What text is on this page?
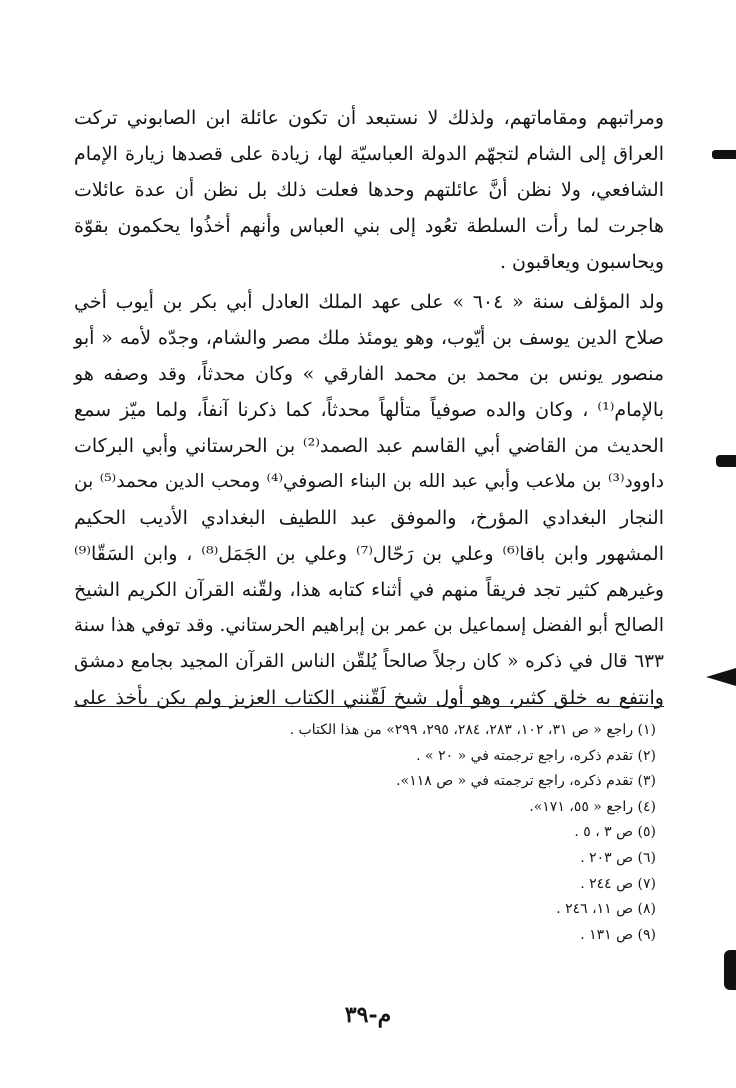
ومراتبهم ومقاماتهم، ولذلك لا نستبعد أن تكون عائلة ابن الصابوني تركت
العراق إلى الشام لتجهّم الدولة العباسيّة لها، زيادة على قصدها زيارة الإمام
الشافعي، ولا نظن أنَّ عائلتهم وحدها فعلت ذلك بل نظن أن عدة عائلات
هاجرت لما رأت السلطة تعُود إلى بني العباس وأنهم أخذُوا يحكمون بقوّة
ويحاسبون ويعاقبون .
ولد المؤلف سنة « ٦٠٤ » على عهد الملك العادل أبي بكر بن أيوب أخي
صلاح الدين يوسف بن أيّوب، وهو يومئذ ملك مصر والشام، وجدّه لأمه « أبو
منصور يونس بن محمد بن محمد الفارقي » وكان محدثاً، وقد وصفه هو
بالإمام⁽¹⁾ ، وكان والده صوفياً متألهاً محدثاً، كما ذكرنا آنفاً، ولما ميّز سمع
الحديث من القاضي أبي القاسم عبد الصمد⁽²⁾ بن الحرستاني وأبي البركات
داوود⁽³⁾ بن ملاعب وأبي عبد الله بن البناء الصوفي⁽⁴⁾ ومحب الدين محمد⁽⁵⁾ بن
النجار البغدادي المؤرخ، والموفق عبد اللطيف البغدادي الأديب الحكيم
المشهور وابن باقا⁽⁶⁾ وعلي بن رَحّال⁽⁷⁾ وعلي بن الجَمَل⁽⁸⁾ ، وابن السَقّا⁽⁹⁾
وغيرهم كثير تجد فريقاً منهم في أثناء كتابه هذا، ولقّنه القرآن الكريم الشيخ
الصالح أبو الفضل إسماعيل بن عمر بن إبراهيم الحرستاني. وقد توفي هذا سنة
٦٣٣ قال في ذكره « كان رجلاً صالحاً يُلقّن الناس القرآن المجيد بجامع دمشق
وانتفع به خلق كثير، وهو أول شيخ لَقّنني الكتاب العزيز ولم يكن يأخذ على
(١) راجع « ص ٣١، ١٠٢، ٢٨٣، ٢٨٤، ٢٩٥، ٢٩٩» من هذا الكتاب .
(٢) تقدم ذكره، راجع ترجمته في « ٢٠ » .
(٣) تقدم ذكره، راجع ترجمته في « ص ١١٨».
(٤) راجع « ٥٥، ١٧١».
(٥) ص ٣ ، ٥ .
(٦) ص ٢٠٣ .
(٧) ص ٢٤٤ .
(٨) ص ١١، ٢٤٦ .
(٩) ص ١٣١ .
م-٣٩
